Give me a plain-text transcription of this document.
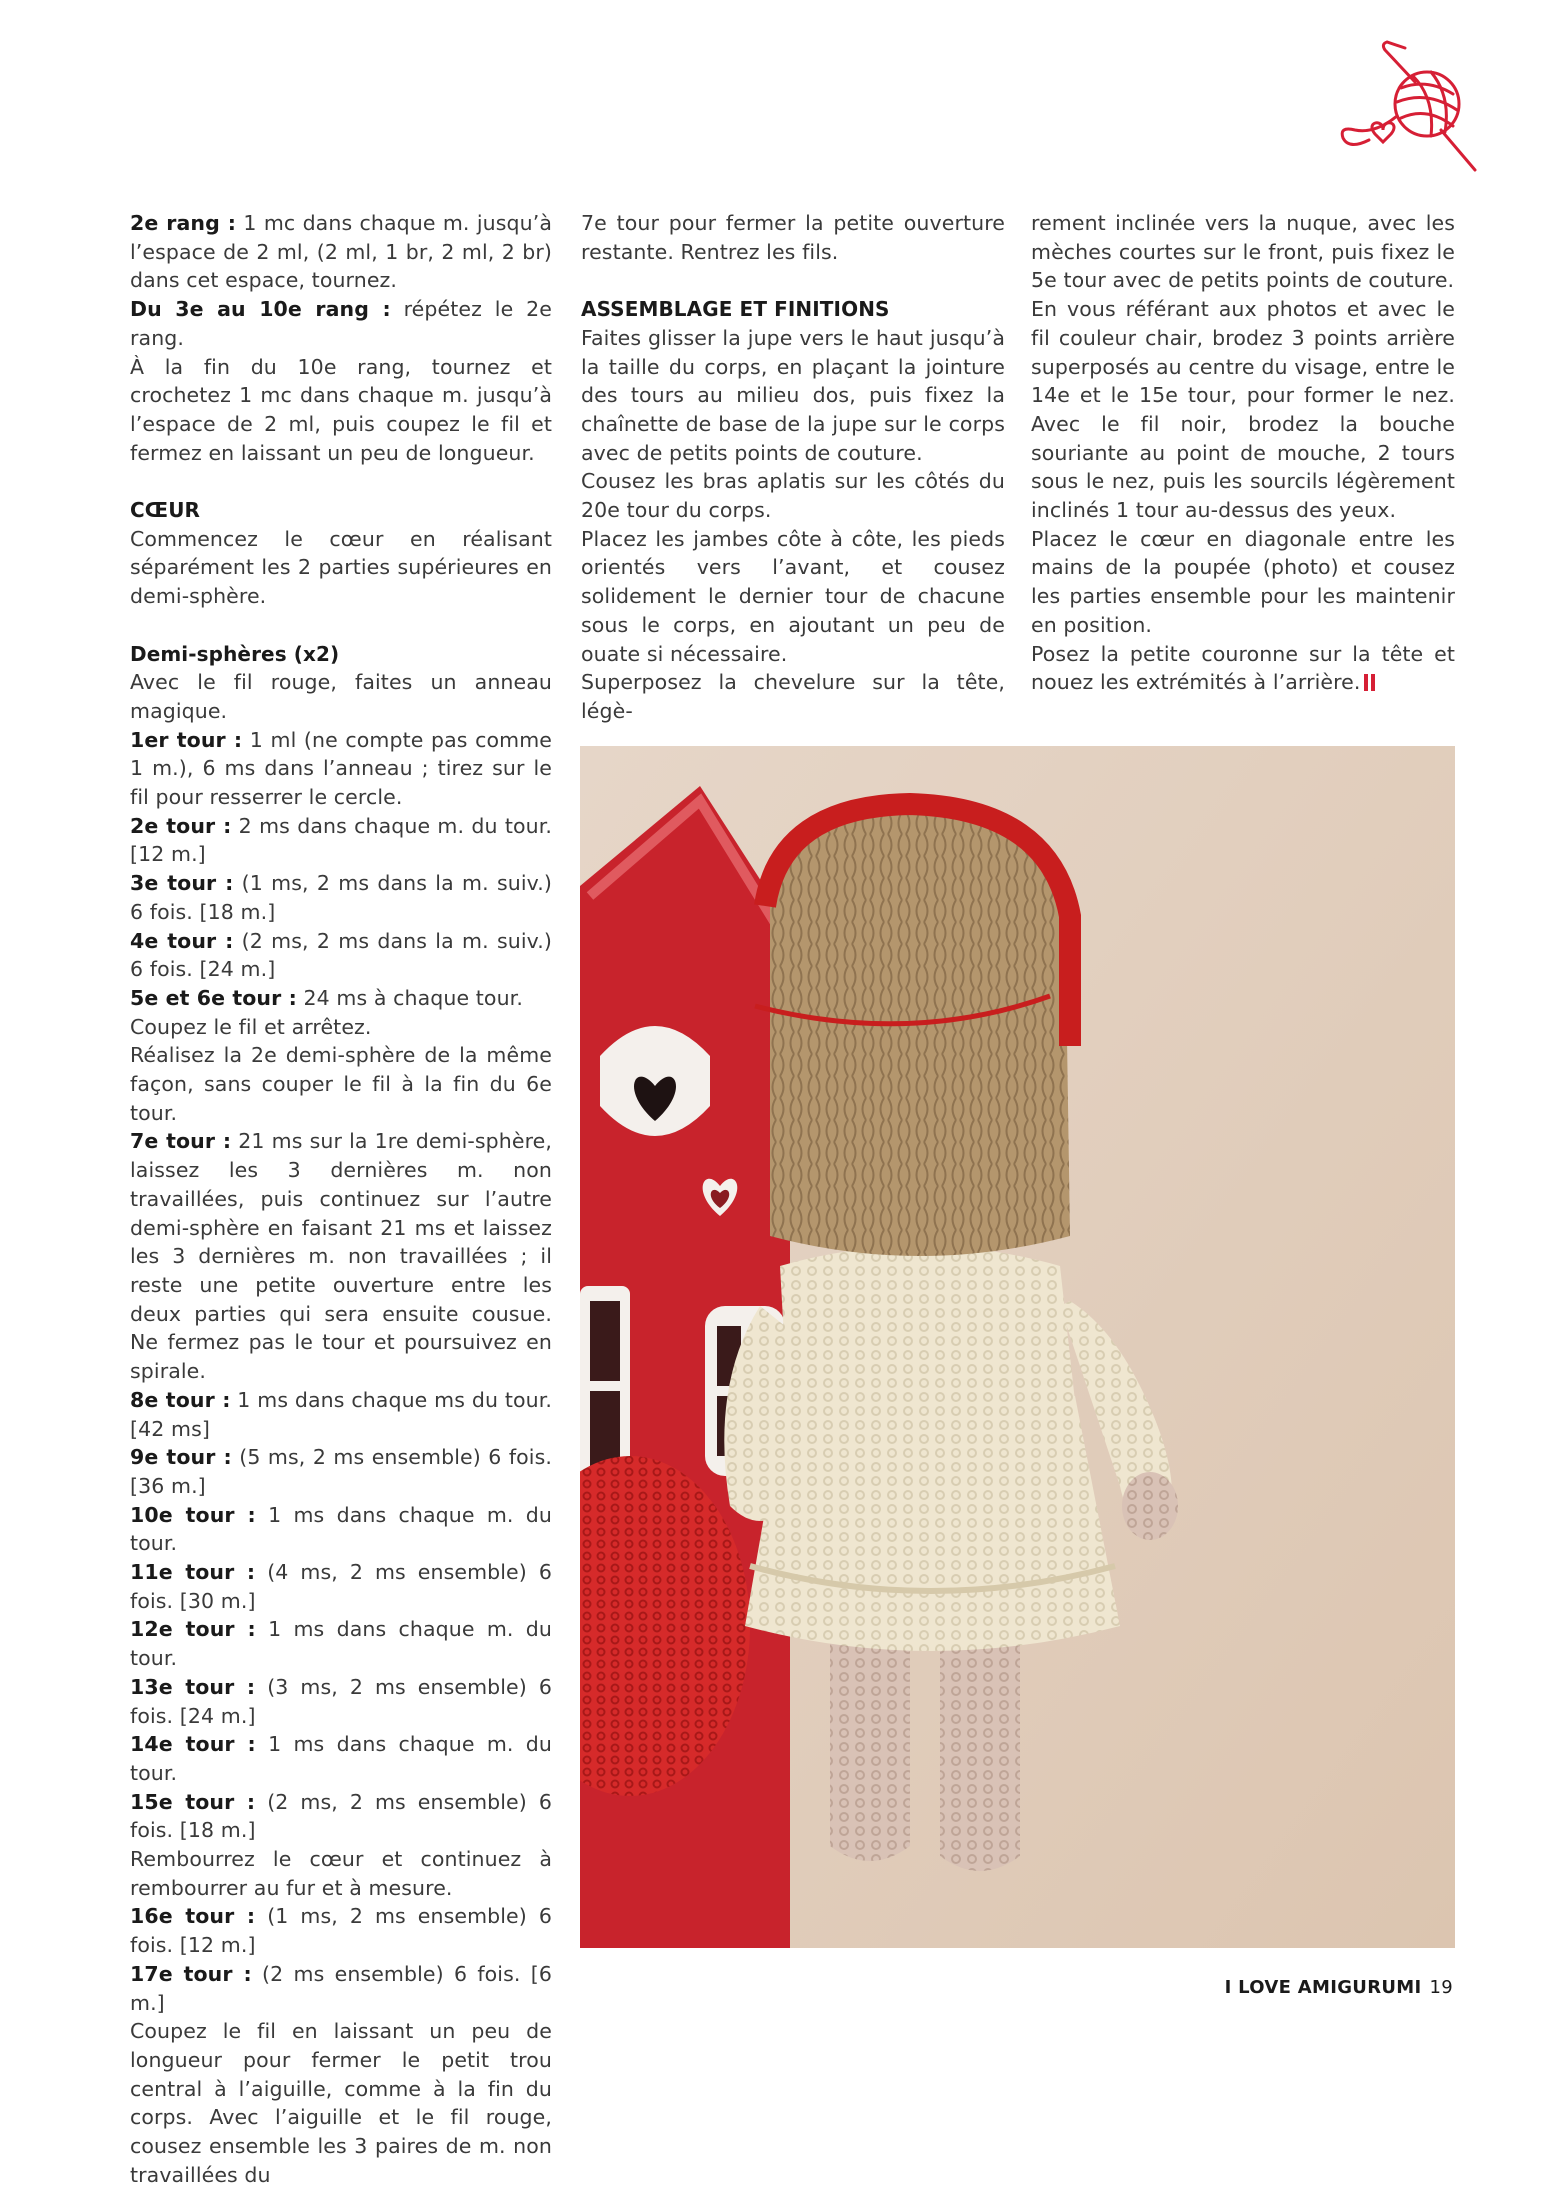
2e rang : 1 mc dans chaque m. jusqu’à l’espace de 2 ml, (2 ml, 1 br, 2 ml, 2 br) dans cet espace, tournez.

Du 3e au 10e rang : répétez le 2e rang.

À la fin du 10e rang, tournez et crochetez 1 mc dans chaque m. jusqu’à l’espace de 2 ml, puis coupez le fil et fermez en laissant un peu de longueur.

CŒUR

Commencez le cœur en réalisant séparément les 2 parties supérieures en demi-sphère.

Demi-sphères (x2)

Avec le fil rouge, faites un anneau magique.

1er tour : 1 ml (ne compte pas comme 1 m.), 6 ms dans l’anneau ; tirez sur le fil pour resserrer le cercle.

2e tour : 2 ms dans chaque m. du tour. [12 m.]

3e tour : (1 ms, 2 ms dans la m. suiv.) 6 fois. [18 m.]

4e tour : (2 ms, 2 ms dans la m. suiv.) 6 fois. [24 m.]

5e et 6e tour : 24 ms à chaque tour.

Coupez le fil et arrêtez.

Réalisez la 2e demi-sphère de la même façon, sans couper le fil à la fin du 6e tour.

7e tour : 21 ms sur la 1re demi-sphère, laissez les 3 dernières m. non travaillées, puis continuez sur l’autre demi-sphère en faisant 21 ms et laissez les 3 dernières m. non travaillées ; il reste une petite ouverture entre les deux parties qui sera ensuite cousue. Ne fermez pas le tour et poursuivez en spirale.

8e tour : 1 ms dans chaque ms du tour. [42 ms]

9e tour : (5 ms, 2 ms ensemble) 6 fois. [36 m.]

10e tour : 1 ms dans chaque m. du tour.

11e tour : (4 ms, 2 ms ensemble) 6 fois. [30 m.]

12e tour : 1 ms dans chaque m. du tour.

13e tour : (3 ms, 2 ms ensemble) 6 fois. [24 m.]

14e tour : 1 ms dans chaque m. du tour.

15e tour : (2 ms, 2 ms ensemble) 6 fois. [18 m.]

Rembourrez le cœur et continuez à rembourrer au fur et à mesure.

16e tour : (1 ms, 2 ms ensemble) 6 fois. [12 m.]

17e tour : (2 ms ensemble) 6 fois. [6 m.]

Coupez le fil en laissant un peu de longueur pour fermer le petit trou central à l’aiguille, comme à la fin du corps. Avec l’aiguille et le fil rouge, cousez ensemble les 3 paires de m. non travaillées du

7e tour pour fermer la petite ouverture restante. Rentrez les fils.

ASSEMBLAGE ET FINITIONS

Faites glisser la jupe vers le haut jusqu’à la taille du corps, en plaçant la jointure des tours au milieu dos, puis fixez la chaînette de base de la jupe sur le corps avec de petits points de couture.

Cousez les bras aplatis sur les côtés du 20e tour du corps.

Placez les jambes côte à côte, les pieds orientés vers l’avant, et cousez solidement le dernier tour de chacune sous le corps, en ajoutant un peu de ouate si nécessaire.

Superposez la chevelure sur la tête, légè-

rement inclinée vers la nuque, avec les mèches courtes sur le front, puis fixez le 5e tour avec de petits points de couture.

En vous référant aux photos et avec le fil couleur chair, brodez 3 points arrière superposés au centre du visage, entre le 14e et le 15e tour, pour former le nez. Avec le fil noir, brodez la bouche souriante au point de mouche, 2 tours sous le nez, puis les sourcils légèrement inclinés 1 tour au-dessus des yeux.

Placez le cœur en diagonale entre les mains de la poupée (photo) et cousez les parties ensemble pour les maintenir en position.

Posez la petite couronne sur la tête et nouez les extrémités à l’arrière.

I LOVE AMIGURUMI 19
